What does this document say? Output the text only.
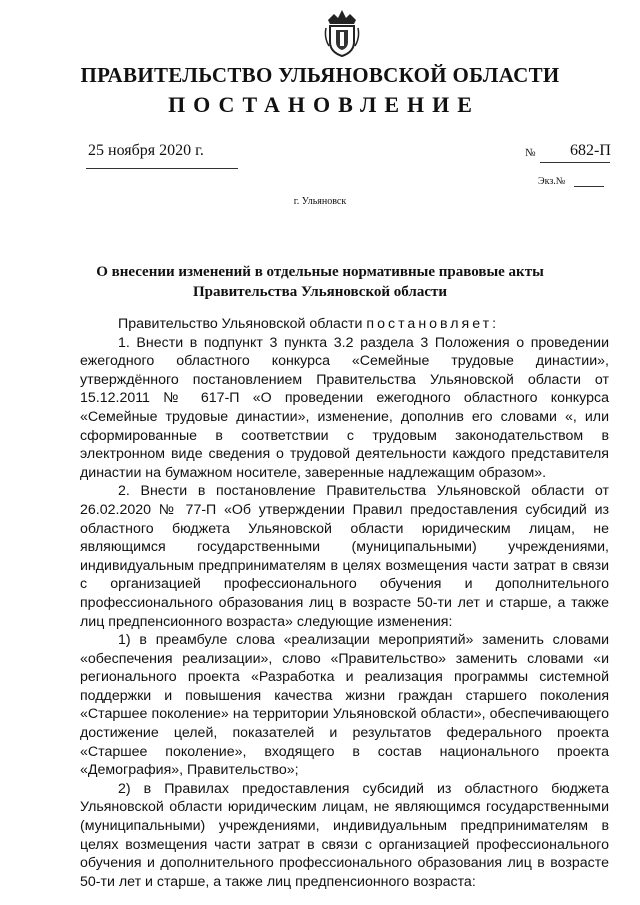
ПРАВИТЕЛЬСТВО УЛЬЯНОВСКОЙ ОБЛАСТИ
ПОСТАНОВЛЕНИЕ
25 ноября 2020 г.	№ 682-П
Экз.№
г. Ульяновск
О внесении изменений в отдельные нормативные правовые акты
Правительства Ульяновской области

Правительство Ульяновской области постановляет:

1. Внести в подпункт 3 пункта 3.2 раздела 3 Положения о проведении ежегодного областного конкурса «Семейные трудовые династии», утверждённого постановлением Правительства Ульяновской области от 15.12.2011 № 617-П «О проведении ежегодного областного конкурса «Семейные трудовые династии», изменение, дополнив его словами «, или сформированные в соответствии с трудовым законодательством в электронном виде сведения о трудовой деятельности каждого представителя династии на бумажном носителе, заверенные надлежащим образом».

2. Внести в постановление Правительства Ульяновской области от 26.02.2020 № 77-П «Об утверждении Правил предоставления субсидий из областного бюджета Ульяновской области юридическим лицам, не являющимся государственными (муниципальными) учреждениями, индивидуальным предпринимателям в целях возмещения части затрат в связи с организацией профессионального обучения и дополнительного профессионального образования лиц в возрасте 50-ти лет и старше, а также лиц предпенсионного возраста» следующие изменения:

1) в преамбуле слова «реализации мероприятий» заменить словами «обеспечения реализации», слово «Правительство» заменить словами «и регионального проекта «Разработка и реализация программы системной поддержки и повышения качества жизни граждан старшего поколения «Старшее поколение» на территории Ульяновской области», обеспечивающего достижение целей, показателей и результатов федерального проекта «Старшее поколение», входящего в состав национального проекта «Демография», Правительство»;

2) в Правилах предоставления субсидий из областного бюджета Ульяновской области юридическим лицам, не являющимся государственными (муниципальными) учреждениями, индивидуальным предпринимателям в целях возмещения части затрат в связи с организацией профессионального обучения и дополнительного профессионального образования лиц в возрасте 50-ти лет и старше, а также лиц предпенсионного возраста:
